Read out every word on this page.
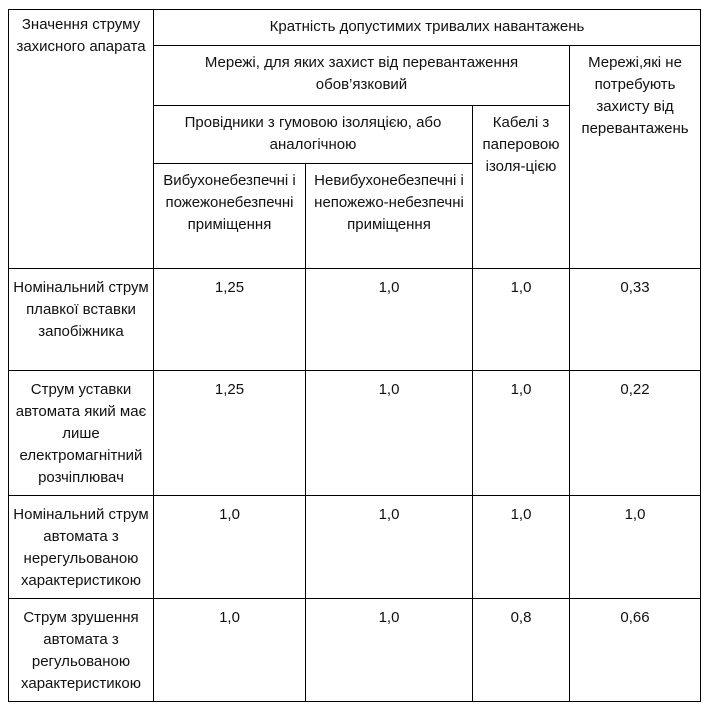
Значення струму захисного апарата	Кратність допустимих тривалих навантажень			
	Мережі, для яких захист від перевантаження обов’язковий			Мережі,які не потребують захисту від перевантажень
	Провідники з гумовою ізоляцією, або аналогічною		Кабелі з паперовою ізоля-цією	
	Вибухонебезпечні і пожежонебезпечні приміщення	Невибухонебезпечні і непожежо-небезпечні приміщення		
Номінальний струм плавкої вставки запобіжника	1,25	1,0	1,0	0,33
Струм уставки автомата який має лише електромагнітний розчіплювач	1,25	1,0	1,0	0,22
Номінальний струм автомата з нерегульованою характеристикою	1,0	1,0	1,0	1,0
Струм зрушення автомата з регульованою характеристикою	1,0	1,0	0,8	0,66
